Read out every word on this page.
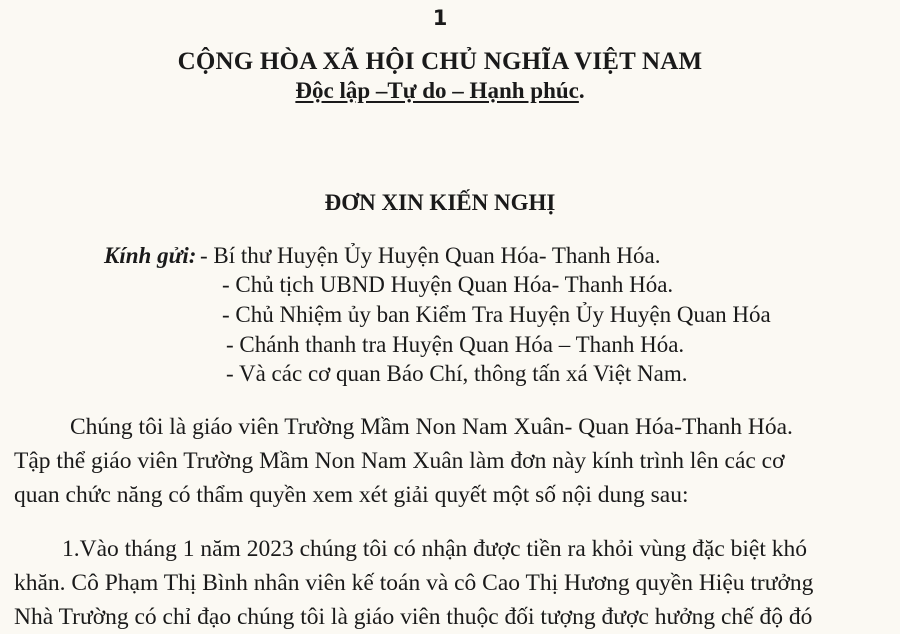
1
CỘNG HÒA XÃ HỘI CHỦ NGHĨA VIỆT NAM
Độc lập –Tự do – Hạnh phúc.
ĐƠN XIN KIẾN NGHỊ
Kính gửi: - Bí thư Huyện Ủy Huyện Quan Hóa- Thanh Hóa.
- Chủ tịch UBND Huyện Quan Hóa- Thanh Hóa.
- Chủ Nhiệm ủy ban Kiểm Tra Huyện Ủy Huyện Quan Hóa
- Chánh thanh tra Huyện Quan Hóa – Thanh Hóa.
- Và các cơ quan Báo Chí, thông tấn xá Việt Nam.
Chúng tôi là giáo viên Trường Mầm Non Nam Xuân- Quan Hóa-Thanh Hóa.
Tập thể giáo viên Trường Mầm Non Nam Xuân làm đơn này kính trình lên các cơ
quan chức năng có thẩm quyền xem xét giải quyết một số nội dung sau:
1.Vào tháng 1 năm 2023 chúng tôi có nhận được tiền ra khỏi vùng đặc biệt khó
khăn. Cô Phạm Thị Bình nhân viên kế toán và cô Cao Thị Hương quyền Hiệu trưởng
Nhà Trường có chỉ đạo chúng tôi là giáo viên thuộc đối tượng được hưởng chế độ đó
